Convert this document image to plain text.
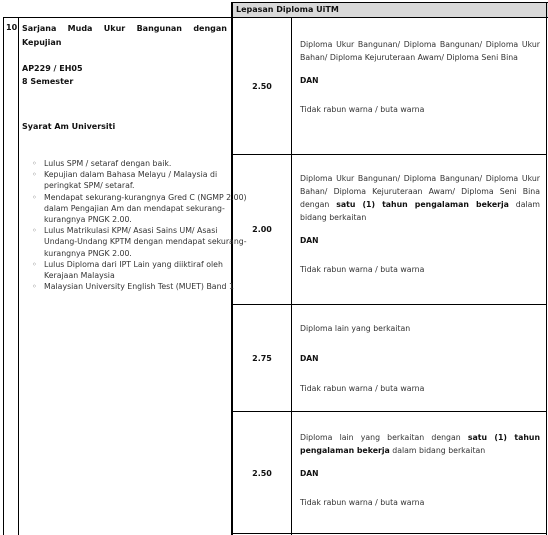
Lepasan Diploma UiTM
10 Sarjana Muda Ukur Bangunan dengan
Kepujian
AP229 / EH05
8 Semester
Syarat Am Universiti
◦ Lulus SPM / setaraf dengan baik.
◦ Kepujian dalam Bahasa Melayu / Malaysia di peringkat SPM/ setaraf.
◦ Mendapat sekurang-kurangnya Gred C (NGMP 2.00) dalam Pengajian Am dan mendapat sekurang-kurangnya PNGK 2.00.
◦ Lulus Matrikulasi KPM/ Asasi Sains UM/ Asasi Undang-Undang KPTM dengan mendapat sekurang-kurangnya PNGK 2.00.
◦ Lulus Diploma dari IPT Lain yang diiktiraf oleh Kerajaan Malaysia
◦ Malaysian University English Test (MUET) Band 1
2.50

Diploma Ukur Bangunan/ Diploma Bangunan/ Diploma Ukur Bahan/ Diploma Kejuruteraan Awam/ Diploma Seni Bina

DAN

Tidak rabun warna / buta warna

2.00

Diploma Ukur Bangunan/ Diploma Bangunan/ Diploma Ukur Bahan/ Diploma Kejuruteraan Awam/ Diploma Seni Bina dengan satu (1) tahun pengalaman bekerja dalam bidang berkaitan

DAN

Tidak rabun warna / buta warna

2.75

Diploma lain yang berkaitan

DAN

Tidak rabun warna / buta warna

2.50

Diploma lain yang berkaitan dengan satu (1) tahun pengalaman bekerja dalam bidang berkaitan

DAN

Tidak rabun warna / buta warna
